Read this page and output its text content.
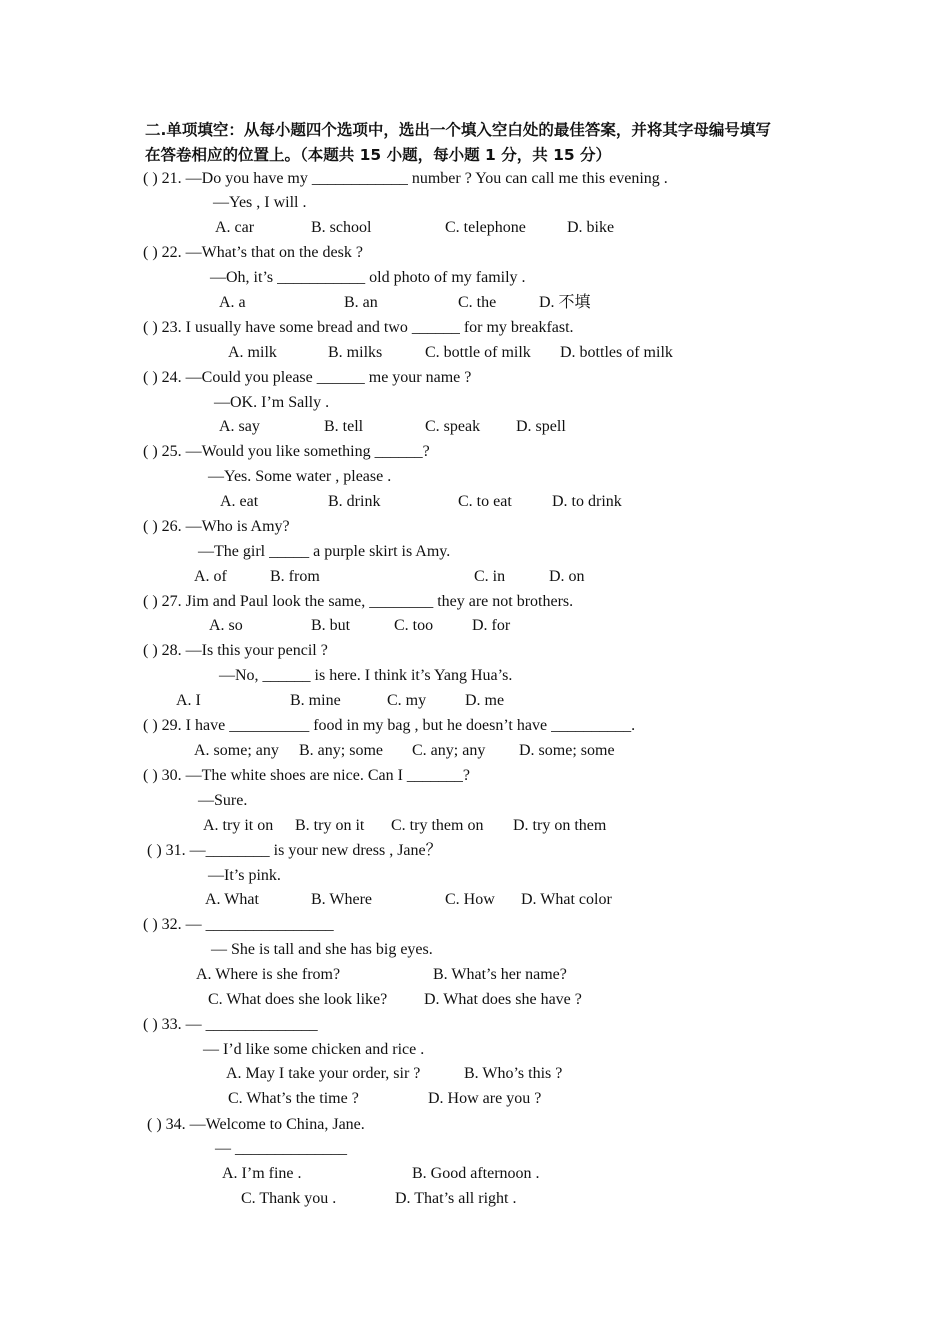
二.单项填空：从每小题四个选项中，选出一个填入空白处的最佳答案，并将其字母编号填写
在答卷相应的位置上。（本题共 15 小题，每小题 1 分，共 15 分）
( ) 21. —Do you have my ____________ number ? You can call me this evening .
—Yes , I will .
A. car	B. school	C. telephone	D. bike
( ) 22. —What’s that on the desk ?
—Oh, it’s ___________ old photo of my family .
A. a	B. an	C. the	D. 不填
( ) 23. I usually have some bread and two ______ for my breakfast.
A. milk	B. milks	C. bottle of milk D. bottles of milk
( ) 24. —Could you please ______ me your name ?
—OK. I’m Sally .
A. say	B. tell	C. speak D. spell
( ) 25. —Would you like something ______?
—Yes. Some water , please .
A. eat	B. drink	C. to eat	D. to drink
( ) 26. —Who is Amy?
—The girl _____ a purple skirt is Amy.
A. of	B. from	C. in	D. on
( ) 27. Jim and Paul look the same, ________ they are not brothers.
A. so	B. but	C. too D. for
( ) 28. —Is this your pencil ?
—No, ______ is here. I think it’s Yang Hua’s.
A. I	B. mine	C. my D. me
( ) 29. I have __________ food in my bag , but he doesn’t have __________.
A. some; any B. any; some C. any; any D. some; some
( ) 30. —The white shoes are nice. Can I _______?
—Sure.
A. try it on B. try on it C. try them on D. try on them
( ) 31. —________ is your new dress , Jane？
—It’s pink.
A. What	B. Where	C. How D. What color
( ) 32. — ________________
— She is tall and she has big eyes.
A. Where is she from?	B. What’s her name?
C. What does she look like? D. What does she have ?
( ) 33. — ______________
— I’d like some chicken and rice .
A. May I take your order, sir ?	B. Who’s this ?
C. What’s the time ?	D. How are you ?
( ) 34. —Welcome to China, Jane.
— ______________
A. I’m fine .	B. Good afternoon .
C. Thank you .	D. That’s all right .
